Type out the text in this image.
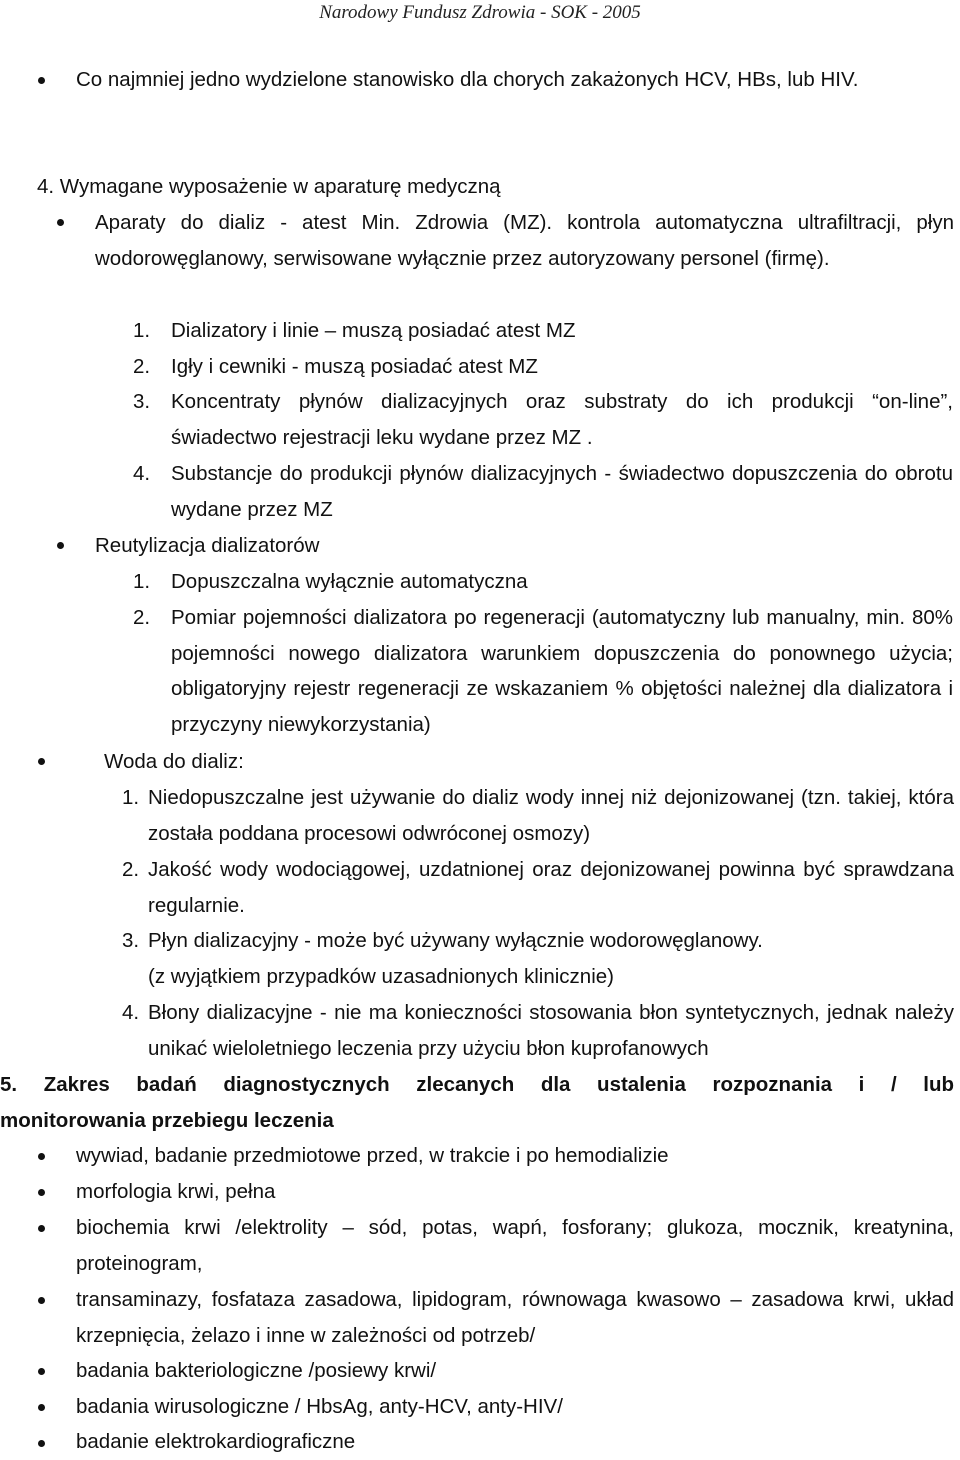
Narodowy Fundusz Zdrowia - SOK - 2005

Co najmniej jedno wydzielone stanowisko dla chorych zakażonych HCV, HBs, lub HIV.

4. Wymagane wyposażenie w aparaturę medyczną

Aparaty do dializ - atest Min. Zdrowia (MZ). kontrola automatyczna ultrafiltracji, płyn wodorowęglanowy, serwisowane wyłącznie przez autoryzowany personel (firmę).

1. Dializatory i linie – muszą posiadać atest MZ
2. Igły i cewniki - muszą posiadać atest MZ
3.	Koncentraty płynów dializacyjnych oraz substraty do ich produkcji “on-line”, świadectwo rejestracji leku wydane przez MZ .
4.	Substancje do produkcji płynów dializacyjnych - świadectwo dopuszczenia do obrotu wydane przez MZ

Reutylizacja dializatorów

1. Dopuszczalna wyłącznie automatyczna
2.	Pomiar pojemności dializatora po regeneracji (automatyczny lub manualny, min. 80% pojemności nowego dializatora warunkiem dopuszczenia do ponownego użycia; obligatoryjny rejestr regeneracji ze wskazaniem % objętości należnej dla dializatora i przyczyny niewykorzystania)

Woda do dializ:

1. Niedopuszczalne jest używanie do dializ wody innej niż dejonizowanej (tzn. takiej, która została poddana procesowi odwróconej osmozy)
2. Jakość wody wodociągowej, uzdatnionej oraz dejonizowanej powinna być sprawdzana regularnie.
3. Płyn dializacyjny - może być używany wyłącznie wodorowęglanowy.
(z wyjątkiem przypadków uzasadnionych klinicznie)
4. Błony dializacyjne - nie ma konieczności stosowania błon syntetycznych, jednak należy unikać wieloletniego leczenia przy użyciu błon kuprofanowych

5. Zakres badań diagnostycznych zlecanych dla ustalenia rozpoznania i / lub

monitorowania przebiegu leczenia

wywiad, badanie przedmiotowe przed, w trakcie i po hemodializie

morfologia krwi, pełna

biochemia krwi /elektrolity – sód, potas, wapń, fosforany; glukoza, mocznik, kreatynina, proteinogram,

transaminazy, fosfataza zasadowa, lipidogram, równowaga kwasowo – zasadowa krwi, układ krzepnięcia, żelazo i inne w zależności od potrzeb/

badania bakteriologiczne /posiewy krwi/

badania wirusologiczne / HbsAg, anty-HCV, anty-HIV/

badanie elektrokardiograficzne
